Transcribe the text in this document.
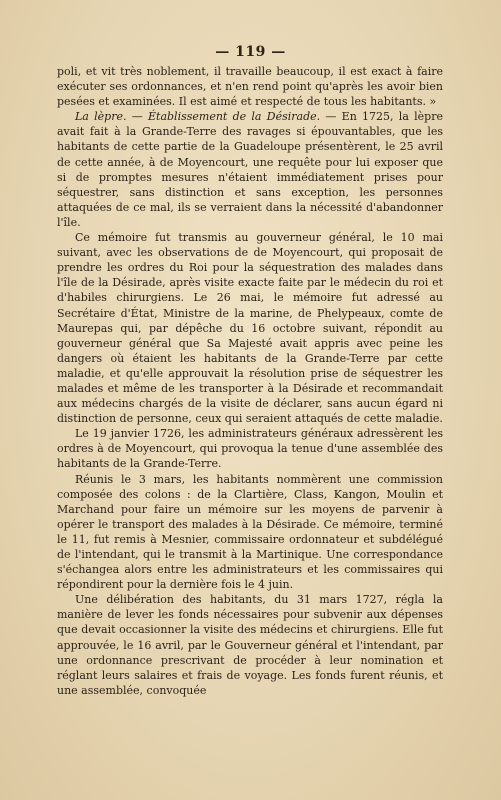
— 119 —

poli, et vit très noblement, il travaille beaucoup, il est exact à faire exécuter ses ordonnances, et n'en rend point qu'après les avoir bien pesées et examinées. Il est aimé et respecté de tous les habitants. »

La lèpre. — Établissement de la Désirade. — En 1725, la lèpre avait fait à la Grande-Terre des ravages si épouvantables, que les habitants de cette partie de la Guadeloupe présentèrent, le 25 avril de cette année, à de Moyencourt, une requête pour lui exposer que si de promptes mesures n'étaient immédiatement prises pour séquestrer, sans distinction et sans exception, les personnes attaquées de ce mal, ils se verraient dans la nécessité d'abandonner l'île.

Ce mémoire fut transmis au gouverneur général, le 10 mai suivant, avec les observations de de Moyencourt, qui proposait de prendre les ordres du Roi pour la séquestration des malades dans l'île de la Désirade, après visite exacte faite par le médecin du roi et d'habiles chirurgiens. Le 26 mai, le mémoire fut adressé au Secrétaire d'État, Ministre de la marine, de Phelypeaux, comte de Maurepas qui, par dépêche du 16 octobre suivant, répondit au gouverneur général que Sa Majesté avait appris avec peine les dangers où étaient les habitants de la Grande-Terre par cette maladie, et qu'elle approuvait la résolution prise de séquestrer les malades et même de les transporter à la Désirade et recommandait aux médecins chargés de la visite de déclarer, sans aucun égard ni distinction de personne, ceux qui seraient attaqués de cette maladie.

Le 19 janvier 1726, les administrateurs généraux adressèrent les ordres à de Moyencourt, qui provoqua la tenue d'une assemblée des habitants de la Grande-Terre.

Réunis le 3 mars, les habitants nommèrent une commission composée des colons : de la Clartière, Class, Kangon, Moulin et Marchand pour faire un mémoire sur les moyens de parvenir à opérer le transport des malades à la Désirade. Ce mémoire, terminé le 11, fut remis à Mesnier, commissaire ordonnateur et subdélégué de l'intendant, qui le transmit à la Martinique. Une correspondance s'échangea alors entre les administrateurs et les commissaires qui répondirent pour la dernière fois le 4 juin.

Une délibération des habitants, du 31 mars 1727, régla la manière de lever les fonds nécessaires pour subvenir aux dépenses que devait occasionner la visite des médecins et chirurgiens. Elle fut approuvée, le 16 avril, par le Gouverneur général et l'intendant, par une ordonnance prescrivant de procéder à leur nomination et réglant leurs salaires et frais de voyage. Les fonds furent réunis, et une assemblée, convoquée
